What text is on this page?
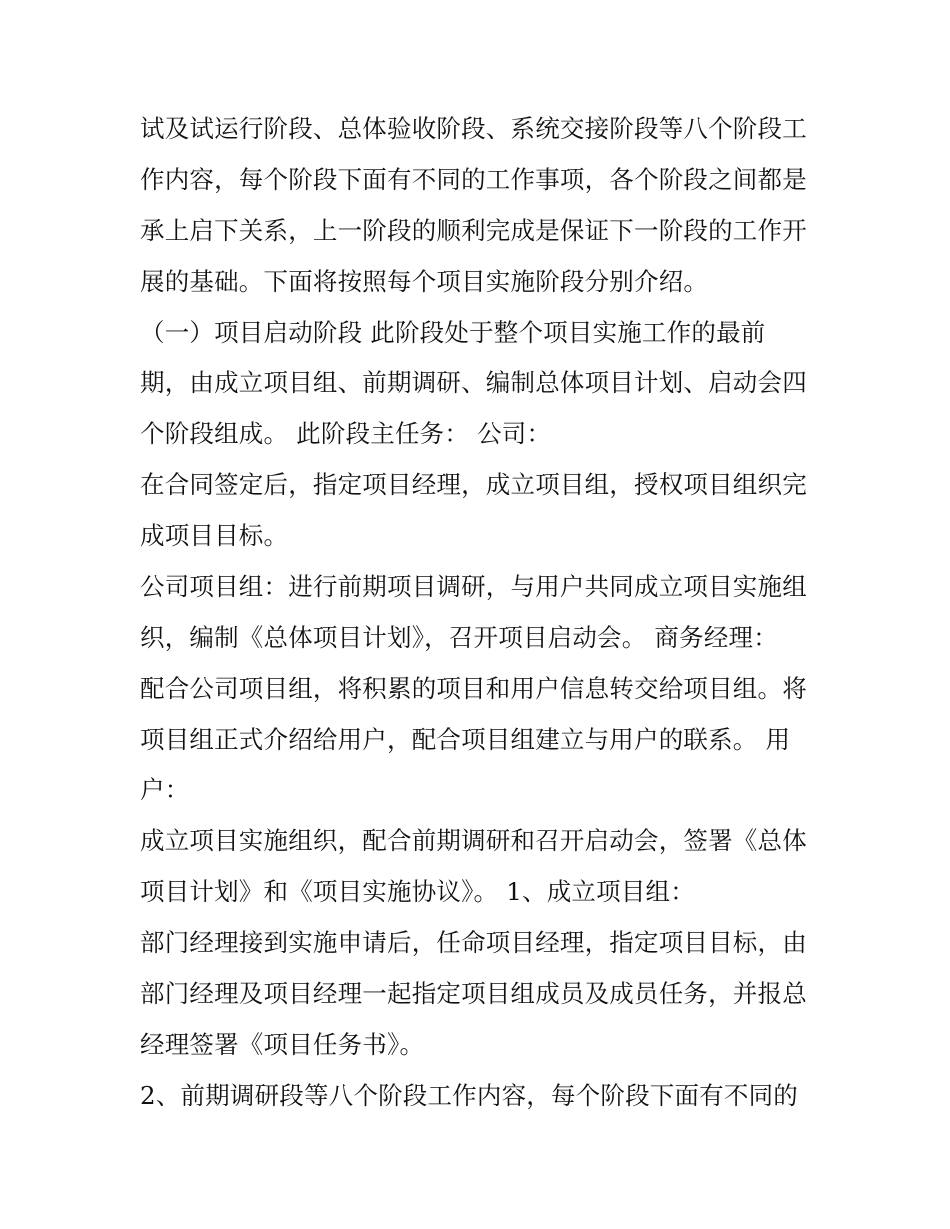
试及试运行阶段、总体验收阶段、系统交接阶段等八个阶段工
作内容，每个阶段下面有不同的工作事项，各个阶段之间都是
承上启下关系，上一阶段的顺利完成是保证下一阶段的工作开
展的基础。下面将按照每个项目实施阶段分别介绍。
（一）项目启动阶段 此阶段处于整个项目实施工作的最前
期，由成立项目组、前期调研、编制总体项目计划、启动会四
个阶段组成。 此阶段主任务： 公司：
在合同签定后，指定项目经理，成立项目组，授权项目组织完
成项目目标。
公司项目组：进行前期项目调研，与用户共同成立项目实施组
织，编制《总体项目计划》，召开项目启动会。 商务经理：
配合公司项目组，将积累的项目和用户信息转交给项目组。将
项目组正式介绍给用户，配合项目组建立与用户的联系。 用
户：
成立项目实施组织，配合前期调研和召开启动会，签署《总体
项目计划》和《项目实施协议》。 1、成立项目组：
部门经理接到实施申请后，任命项目经理，指定项目目标，由
部门经理及项目经理一起指定项目组成员及成员任务，并报总
经理签署《项目任务书》。
2、前期调研段等八个阶段工作内容，每个阶段下面有不同的
